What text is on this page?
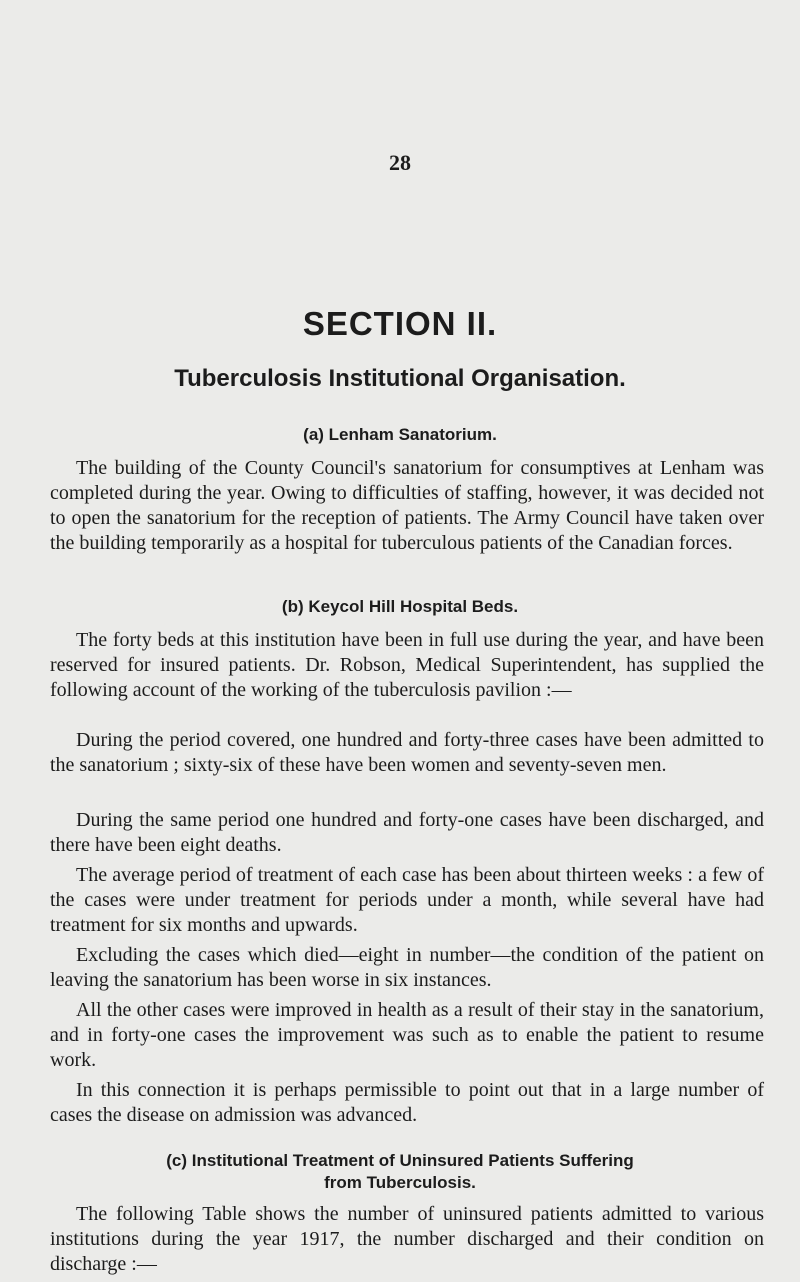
28
SECTION II.
Tuberculosis Institutional Organisation.
(a) Lenham Sanatorium.

The building of the County Council's sanatorium for consumptives at Lenham was completed during the year. Owing to difficulties of staffing, however, it was decided not to open the sanatorium for the reception of patients. The Army Council have taken over the building temporarily as a hospital for tuberculous patients of the Canadian forces.

(b) Keycol Hill Hospital Beds.

The forty beds at this institution have been in full use during the year, and have been reserved for insured patients. Dr. Robson, Medical Superintendent, has supplied the following account of the working of the tuberculosis pavilion :—

During the period covered, one hundred and forty-three cases have been admitted to the sanatorium ; sixty-six of these have been women and seventy-seven men.

During the same period one hundred and forty-one cases have been discharged, and there have been eight deaths.

The average period of treatment of each case has been about thirteen weeks : a few of the cases were under treatment for periods under a month, while several have had treatment for six months and upwards.

Excluding the cases which died—eight in number—the condition of the patient on leaving the sanatorium has been worse in six instances.

All the other cases were improved in health as a result of their stay in the sanatorium, and in forty-one cases the improvement was such as to enable the patient to resume work.

In this connection it is perhaps permissible to point out that in a large number of cases the disease on admission was advanced.

(c) Institutional Treatment of Uninsured Patients Suffering
from Tuberculosis.

The following Table shows the number of uninsured patients admitted to various institutions during the year 1917, the number discharged and their condition on discharge :—
